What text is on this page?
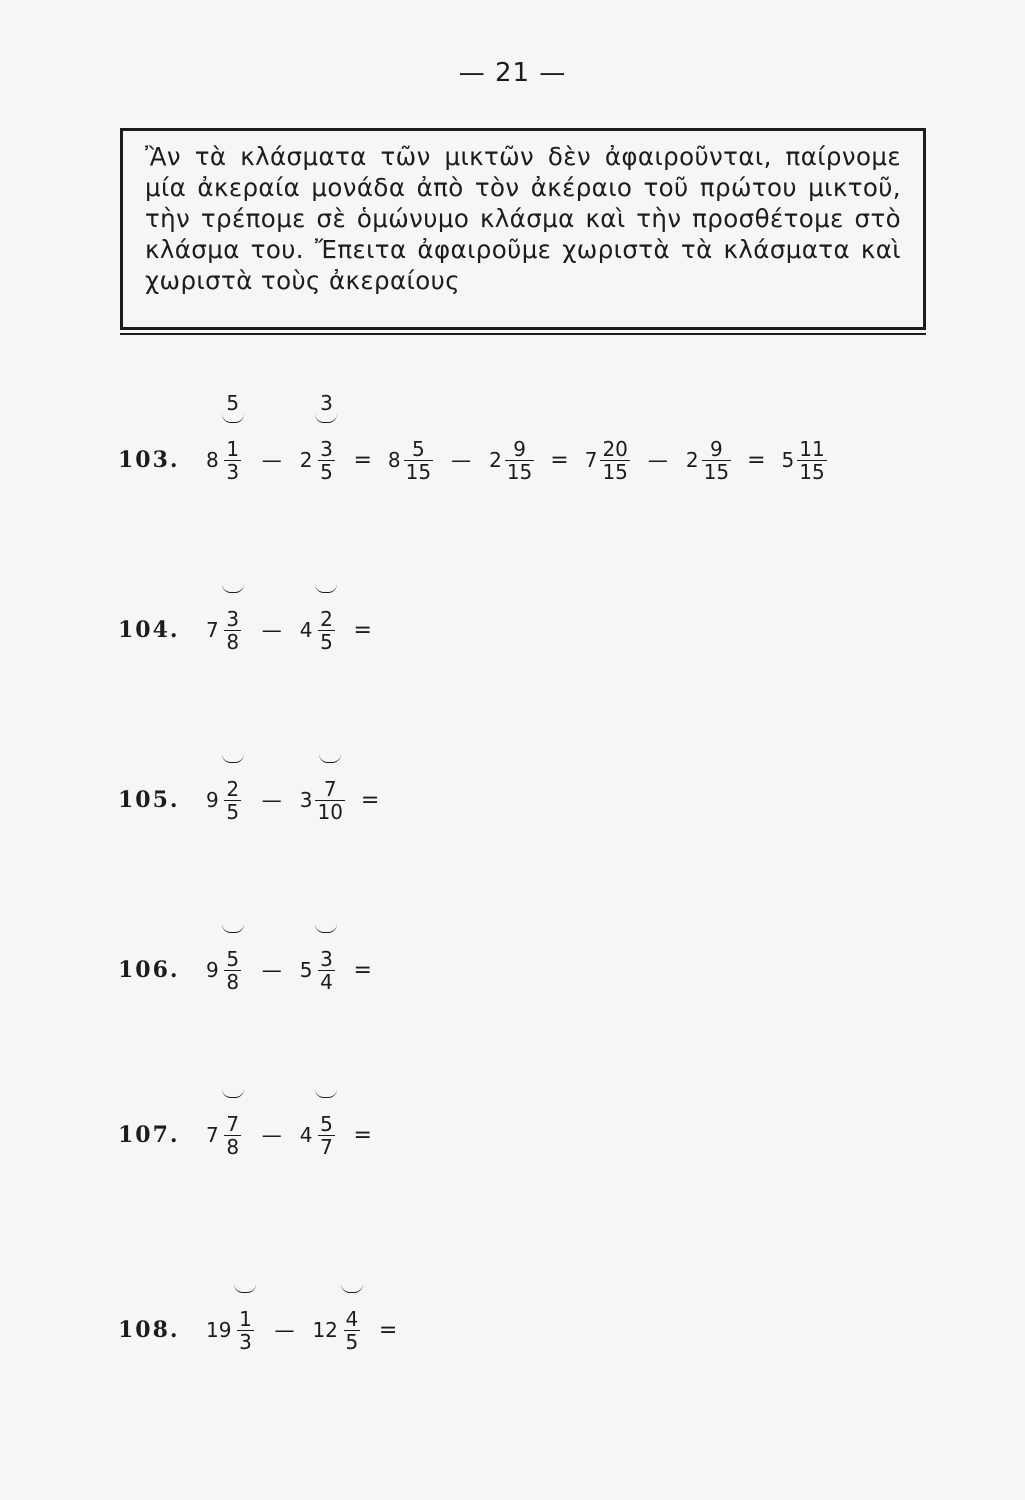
— 21 —
Ἂν τὰ κλάσματα τῶν μικτῶν δὲν ἀφαιροῦνται, παίρνομε μία ἀκεραία μονάδα ἀπὸ τὸν ἀκέραιο τοῦ πρώτου μικτοῦ, τὴν τρέπομε σὲ ὁμώνυμο κλάσμα καὶ τὴν προσθέτομε στὸ κλάσμα του. Ἔπειτα ἀφαιροῦμε χωριστὰ τὰ κλάσματα καὶ χωριστὰ τοὺς ἀκεραίους
103.	8
5
1
3 — 2
3
3
$5 = 8 \frac{5}{15}$ — $2 \frac{9}{15} = 7 \frac{20}{15}$ — $2 \frac{9}{15} = 5 \frac{11}{15}$
104.	7
$\frac{3}{8}$ — 4
$\frac{2}{5}$ =
105.	9
$\frac{2}{5}$ — 3
$\frac{7}{10}$ =
106.	9
$\frac{5}{8}$ — 5
$\frac{3}{4}$ =
107.	7
$\frac{7}{8}$ — 4
$\frac{5}{7}$ =
108.	19
$\frac{1}{3}$ — 12
$\frac{4}{5}$ =
